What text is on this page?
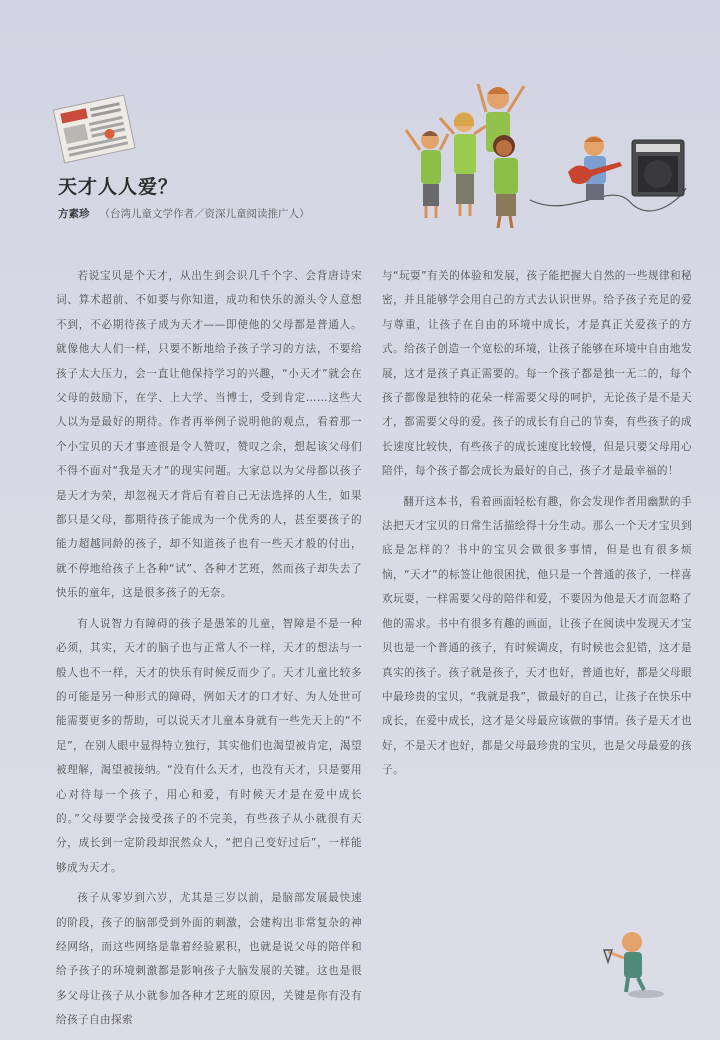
天才人人爱？
方素珍 （台湾儿童文学作者／资深儿童阅读推广人）

若说宝贝是个天才，从出生到会识几千个字、会背唐诗宋词、算术超前、不如要与你知道，成功和快乐的源头令人意想不到，不必期待孩子成为天才——即使他的父母都是普通人。就像他大人们一样，只要不断地给予孩子学习的方法，不要给孩子太大压力，会一直让他保持学习的兴趣，“小天才”就会在父母的鼓励下，在学、上大学、当博士，受到肯定……这些大人以为是最好的期待。作者再举例子说明他的观点，看着那一个小宝贝的天才事迹很是令人赞叹，赞叹之余，想起该父母们不得不面对“我是天才”的现实问题。大家总以为父母都以孩子是天才为荣，却忽视天才背后有着自己无法选择的人生，如果都只是父母，都期待孩子能成为一个优秀的人，甚至要孩子的能力超越同龄的孩子，却不知道孩子也有一些天才般的付出，就不停地给孩子上各种“试”、各种才艺班，然而孩子却失去了快乐的童年，这是很多孩子的无奈。

有人说智力有障碍的孩子是愚笨的儿童，智障是不是一种必须，其实，天才的脑子也与正常人不一样，天才的想法与一般人也不一样，天才的快乐有时候反而少了。天才儿童比较多的可能是另一种形式的障碍，例如天才的口才好、为人处世可能需要更多的帮助，可以说天才儿童本身就有一些先天上的“不足”，在别人眼中显得特立独行，其实他们也渴望被肯定，渴望被理解，渴望被接纳。“没有什么天才，也没有天才，只是要用心对待每一个孩子，用心和爱，有时候天才是在爱中成长的。”父母要学会接受孩子的不完美，有些孩子从小就很有天分，成长到一定阶段却泯然众人，“把自己变好过后”，一样能够成为天才。

孩子从零岁到六岁，尤其是三岁以前，是脑部发展最快速的阶段，孩子的脑部受到外面的刺激，会建构出非常复杂的神经网络，而这些网络是靠着经验累积，也就是说父母的陪伴和给予孩子的环境刺激都是影响孩子大脑发展的关键。这也是很多父母让孩子从小就参加各种才艺班的原因，关键是你有没有给孩子自由探索

与“玩耍”有关的体验和发展，孩子能把握大自然的一些规律和秘密，并且能够学会用自己的方式去认识世界。给予孩子充足的爱与尊重，让孩子在自由的环境中成长，才是真正关爱孩子的方式。给孩子创造一个宽松的环境，让孩子能够在环境中自由地发展，这才是孩子真正需要的。每一个孩子都是独一无二的，每个孩子都像是独特的花朵一样需要父母的呵护，无论孩子是不是天才，都需要父母的爱。孩子的成长有自己的节奏，有些孩子的成长速度比较快，有些孩子的成长速度比较慢，但是只要父母用心陪伴，每个孩子都会成长为最好的自己，孩子才是最幸福的！

翻开这本书，看着画面轻松有趣，你会发现作者用幽默的手法把天才宝贝的日常生活描绘得十分生动。那么一个天才宝贝到底是怎样的？书中的宝贝会做很多事情，但是也有很多烦恼，“天才”的标签让他很困扰，他只是一个普通的孩子，一样喜欢玩耍，一样需要父母的陪伴和爱，不要因为他是天才而忽略了他的需求。书中有很多有趣的画面，让孩子在阅读中发现天才宝贝也是一个普通的孩子，有时候调皮，有时候也会犯错，这才是真实的孩子。孩子就是孩子，天才也好，普通也好，都是父母眼中最珍贵的宝贝，“我就是我”，做最好的自己，让孩子在快乐中成长，在爱中成长，这才是父母最应该做的事情。孩子是天才也好，不是天才也好，都是父母最珍贵的宝贝，也是父母最爱的孩子。
